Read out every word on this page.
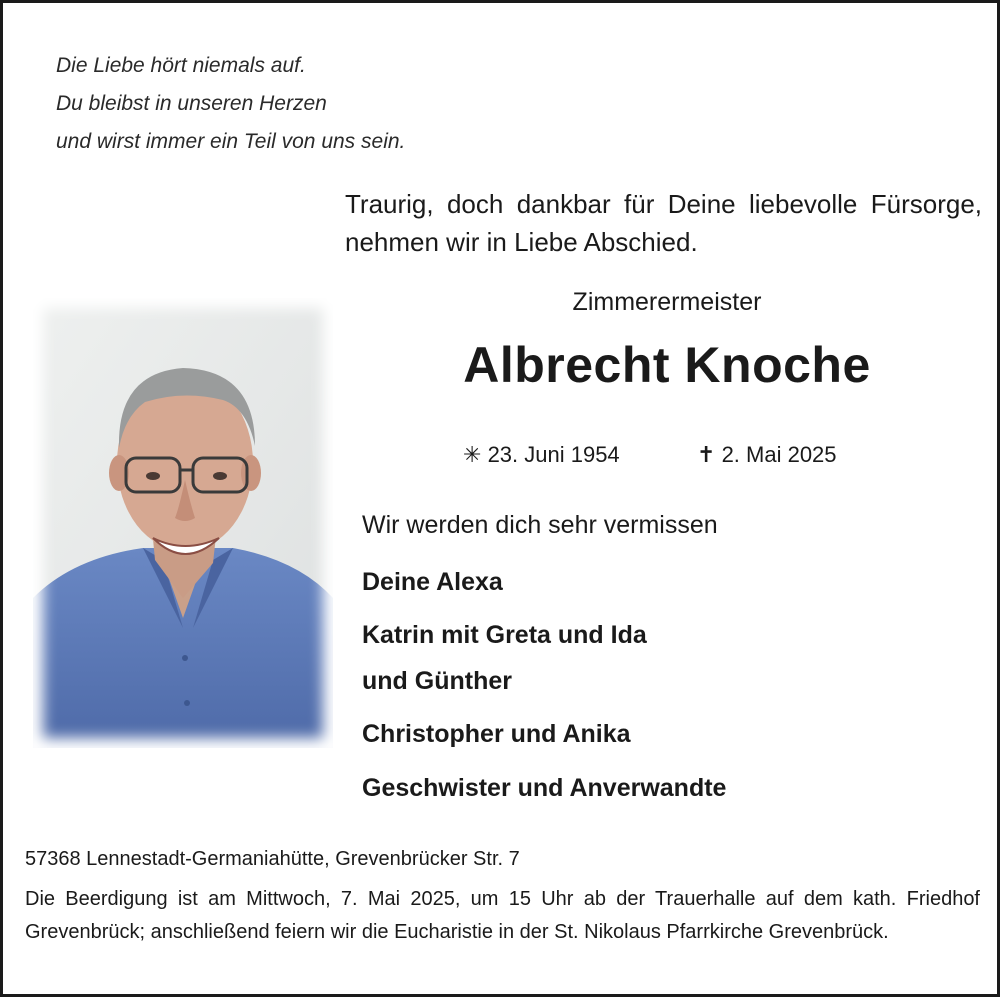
Die Liebe hört niemals auf.
Du bleibst in unseren Herzen
und wirst immer ein Teil von uns sein.
Traurig, doch dankbar für Deine liebevolle Fürsorge, nehmen wir in Liebe Abschied.
Zimmerermeister
Albrecht Knoche
✳ 23. Juni 1954	✝ 2. Mai 2025
Wir werden dich sehr vermissen
Deine Alexa
Katrin mit Greta und Ida
und Günther
Christopher und Anika
Geschwister und Anverwandte
57368 Lennestadt-Germaniahütte, Grevenbrücker Str. 7
Die Beerdigung ist am Mittwoch, 7. Mai 2025, um 15 Uhr ab der Trauerhalle auf dem kath. Friedhof Grevenbrück; anschließend feiern wir die Eucharistie in der St. Nikolaus Pfarrkirche Grevenbrück.
